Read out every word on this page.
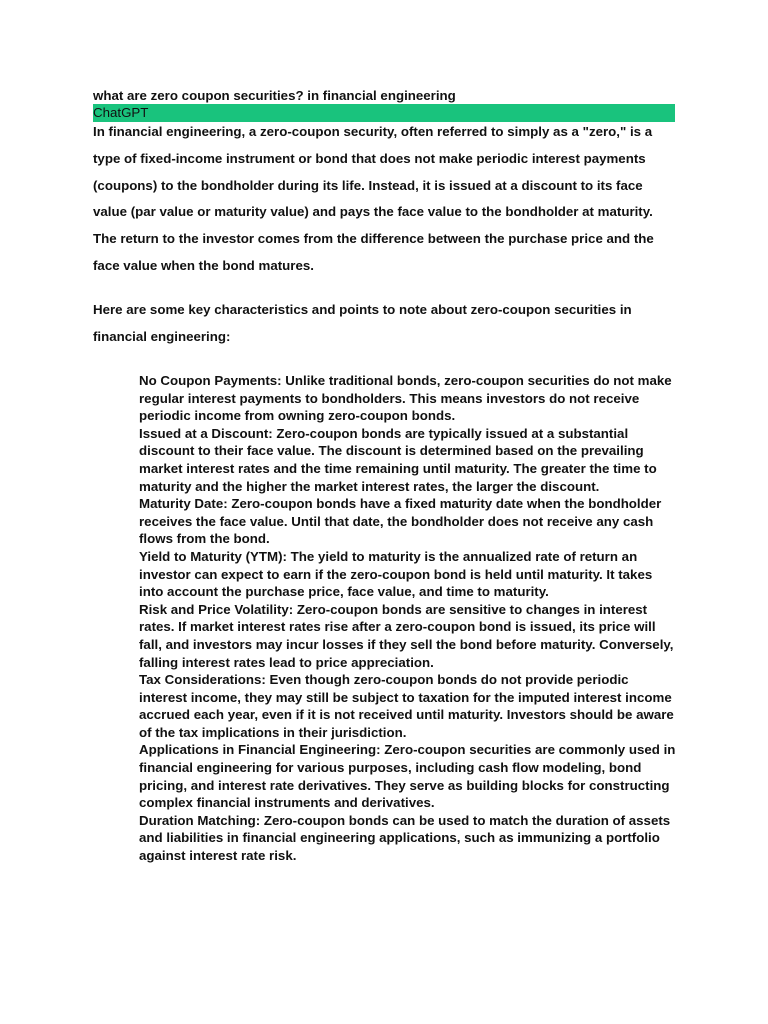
what are zero coupon securities? in financial engineering
ChatGPT

In financial engineering, a zero-coupon security, often referred to simply as a "zero," is a type of fixed-income instrument or bond that does not make periodic interest payments (coupons) to the bondholder during its life. Instead, it is issued at a discount to its face value (par value or maturity value) and pays the face value to the bondholder at maturity. The return to the investor comes from the difference between the purchase price and the face value when the bond matures.

Here are some key characteristics and points to note about zero-coupon securities in financial engineering:

No Coupon Payments: Unlike traditional bonds, zero-coupon securities do not make regular interest payments to bondholders. This means investors do not receive periodic income from owning zero-coupon bonds.
Issued at a Discount: Zero-coupon bonds are typically issued at a substantial discount to their face value. The discount is determined based on the prevailing market interest rates and the time remaining until maturity. The greater the time to maturity and the higher the market interest rates, the larger the discount.
Maturity Date: Zero-coupon bonds have a fixed maturity date when the bondholder receives the face value. Until that date, the bondholder does not receive any cash flows from the bond.
Yield to Maturity (YTM): The yield to maturity is the annualized rate of return an investor can expect to earn if the zero-coupon bond is held until maturity. It takes into account the purchase price, face value, and time to maturity.
Risk and Price Volatility: Zero-coupon bonds are sensitive to changes in interest rates. If market interest rates rise after a zero-coupon bond is issued, its price will fall, and investors may incur losses if they sell the bond before maturity. Conversely, falling interest rates lead to price appreciation.
Tax Considerations: Even though zero-coupon bonds do not provide periodic interest income, they may still be subject to taxation for the imputed interest income accrued each year, even if it is not received until maturity. Investors should be aware of the tax implications in their jurisdiction.
Applications in Financial Engineering: Zero-coupon securities are commonly used in financial engineering for various purposes, including cash flow modeling, bond pricing, and interest rate derivatives. They serve as building blocks for constructing complex financial instruments and derivatives.
Duration Matching: Zero-coupon bonds can be used to match the duration of assets and liabilities in financial engineering applications, such as immunizing a portfolio against interest rate risk.
